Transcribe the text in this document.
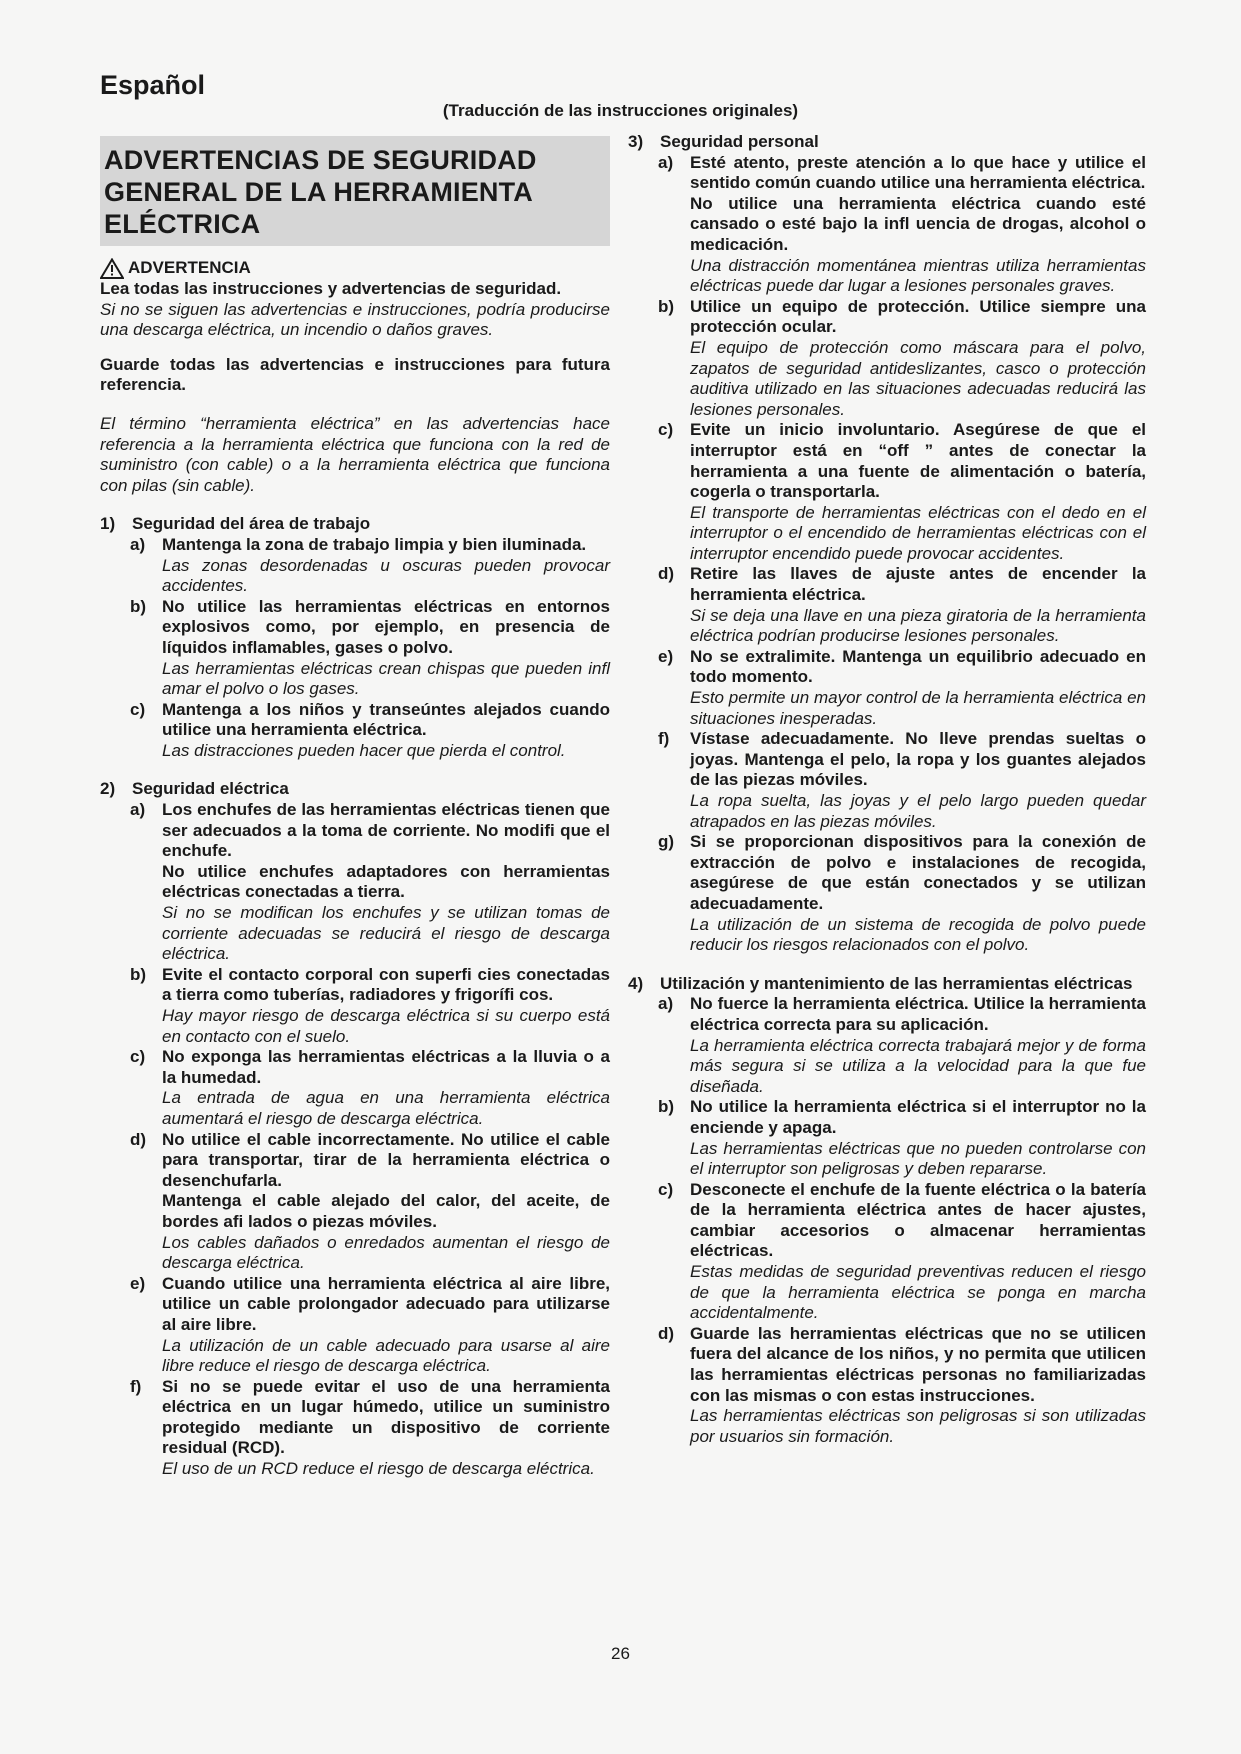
Español
(Traducción de las instrucciones originales)
ADVERTENCIAS DE SEGURIDAD GENERAL DE LA HERRAMIENTA ELÉCTRICA
ADVERTENCIA

Lea todas las instrucciones y advertencias de seguridad.

Si no se siguen las advertencias e instrucciones, podría producirse una descarga eléctrica, un incendio o daños graves.

Guarde todas las advertencias e instrucciones para futura referencia.

El término “herramienta eléctrica” en las advertencias hace referencia a la herramienta eléctrica que funciona con la red de suministro (con cable) o a la herramienta eléctrica que funciona con pilas (sin cable).

1) Seguridad del área de trabajo
a) Mantenga la zona de trabajo limpia y bien iluminada.

Las zonas desordenadas u oscuras pueden provocar accidentes.

b) No utilice las herramientas eléctricas en entornos explosivos como, por ejemplo, en presencia de líquidos inflamables, gases o polvo.

Las herramientas eléctricas crean chispas que pueden infl amar el polvo o los gases.

c) Mantenga a los niños y transeúntes alejados cuando utilice una herramienta eléctrica.

Las distracciones pueden hacer que pierda el control.

2) Seguridad eléctrica
a) Los enchufes de las herramientas eléctricas tienen que ser adecuados a la toma de corriente. No modifi que el enchufe.

No utilice enchufes adaptadores con herramientas eléctricas conectadas a tierra.

Si no se modifican los enchufes y se utilizan tomas de corriente adecuadas se reducirá el riesgo de descarga eléctrica.

b) Evite el contacto corporal con superfi cies conectadas a tierra como tuberías, radiadores y frigorífi cos.

Hay mayor riesgo de descarga eléctrica si su cuerpo está en contacto con el suelo.

c) No exponga las herramientas eléctricas a la lluvia o a la humedad.

La entrada de agua en una herramienta eléctrica aumentará el riesgo de descarga eléctrica.

d) No utilice el cable incorrectamente. No utilice el cable para transportar, tirar de la herramienta eléctrica o desenchufarla.

Mantenga el cable alejado del calor, del aceite, de bordes afi lados o piezas móviles.

Los cables dañados o enredados aumentan el riesgo de descarga eléctrica.

e) Cuando utilice una herramienta eléctrica al aire libre, utilice un cable prolongador adecuado para utilizarse al aire libre.

La utilización de un cable adecuado para usarse al aire libre reduce el riesgo de descarga eléctrica.

f)	Si no se puede evitar el uso de una herramienta eléctrica en un lugar húmedo, utilice un suministro protegido mediante un dispositivo de corriente residual (RCD).

El uso de un RCD reduce el riesgo de descarga eléctrica.

3) Seguridad personal
a) Esté atento, preste atención a lo que hace y utilice el sentido común cuando utilice una herramienta eléctrica.

No utilice una herramienta eléctrica cuando esté cansado o esté bajo la infl uencia de drogas, alcohol o medicación.

Una distracción momentánea mientras utiliza herramientas eléctricas puede dar lugar a lesiones personales graves.

b) Utilice un equipo de protección. Utilice siempre una protección ocular.

El equipo de protección como máscara para el polvo, zapatos de seguridad antideslizantes, casco o protección auditiva utilizado en las situaciones adecuadas reducirá las lesiones personales.

c) Evite un inicio involuntario. Asegúrese de que el interruptor está en “off ” antes de conectar la herramienta a una fuente de alimentación o batería, cogerla o transportarla.

El transporte de herramientas eléctricas con el dedo en el interruptor o el encendido de herramientas eléctricas con el interruptor encendido puede provocar accidentes.

d) Retire las llaves de ajuste antes de encender la herramienta eléctrica.

Si se deja una llave en una pieza giratoria de la herramienta eléctrica podrían producirse lesiones personales.

e) No se extralimite. Mantenga un equilibrio adecuado en todo momento.

Esto permite un mayor control de la herramienta eléctrica en situaciones inesperadas.

f)	Vístase adecuadamente. No lleve prendas sueltas o joyas. Mantenga el pelo, la ropa y los guantes alejados de las piezas móviles.

La ropa suelta, las joyas y el pelo largo pueden quedar atrapados en las piezas móviles.

g) Si se proporcionan dispositivos para la conexión de extracción de polvo e instalaciones de recogida, asegúrese de que están conectados y se utilizan adecuadamente.

La utilización de un sistema de recogida de polvo puede reducir los riesgos relacionados con el polvo.

4) Utilización y mantenimiento de las herramientas eléctricas
a) No fuerce la herramienta eléctrica. Utilice la herramienta eléctrica correcta para su aplicación.

La herramienta eléctrica correcta trabajará mejor y de forma más segura si se utiliza a la velocidad para la que fue diseñada.

b) No utilice la herramienta eléctrica si el interruptor no la enciende y apaga.

Las herramientas eléctricas que no pueden controlarse con el interruptor son peligrosas y deben repararse.

c) Desconecte el enchufe de la fuente eléctrica o la batería de la herramienta eléctrica antes de hacer ajustes, cambiar accesorios o almacenar herramientas eléctricas.

Estas medidas de seguridad preventivas reducen el riesgo de que la herramienta eléctrica se ponga en marcha accidentalmente.

d) Guarde las herramientas eléctricas que no se utilicen fuera del alcance de los niños, y no permita que utilicen las herramientas eléctricas personas no familiarizadas con las mismas o con estas instrucciones.

Las herramientas eléctricas son peligrosas si son utilizadas por usuarios sin formación.

26
